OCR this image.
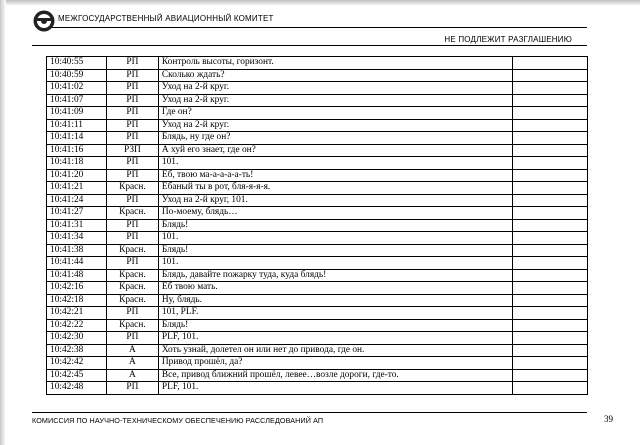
МЕЖГОСУДАРСТВЕННЫЙ АВИАЦИОННЫЙ КОМИТЕТ
НЕ ПОДЛЕЖИТ РАЗГЛАШЕНИЮ
10:40:55	РП	Контроль высоты, горизонт.	
10:40:59	РП	Сколько ждать?	
10:41:02	РП	Уход на 2-й круг.	
10:41:07	РП	Уход на 2-й круг.	
10:41:09	РП	Где он?	
10:41:11	РП	Уход на 2-й круг.	
10:41:14	РП	Блядь, ну где он?	
10:41:16	РЗП	А хуй его знает, где он?	
10:41:18	РП	101.	
10:41:20	РП	Ёб, твою ма-а-а-а-а-ть!	
10:41:21	Красн.	Ёбаный ты в рот, бля-я-я-я.	
10:41:24	РП	Уход на 2-й круг, 101.	
10:41:27	Красн.	По-моему, блядь…	
10:41:31	РП	Блядь!	
10:41:34	РП	101.	
10:41:38	Красн.	Блядь!	
10:41:44	РП	101.	
10:41:48	Красн.	Блядь, давайте пожарку туда, куда блядь!	
10:42:16	Красн.	Ёб твою мать.	
10:42:18	Красн.	Ну, блядь.	
10:42:21	РП	101, PLF.	
10:42:22	Красн.	Блядь!	
10:42:30	РП	PLF, 101.	
10:42:38	А	Хоть узнай, долетел он или нет до привода, где он.	
10:42:42	А	Привод прошёл, да?	
10:42:45	А	Все, привод ближний прошёл, левее…возле дороги, где-то.	
10:42:48	РП	PLF, 101.	
КОМИССИЯ ПО НАУЧНО-ТЕХНИЧЕСКОМУ ОБЕСПЕЧЕНИЮ РАССЛЕДОВАНИЙ АП	39
